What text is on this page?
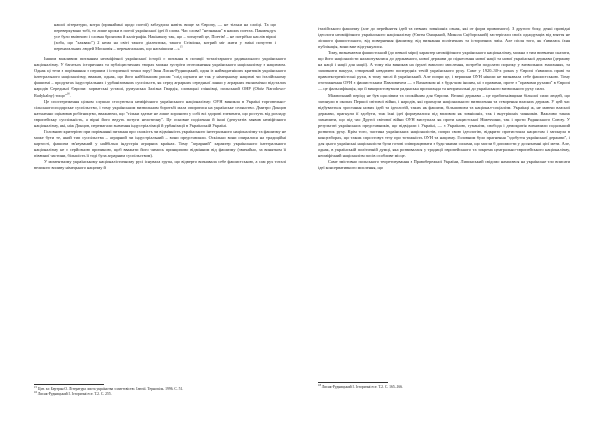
нашої літератури, котра (принаймні щодо поезії) заблудила навіть вище за Європу, — не тільки на слоїці. Та що переверкувано тобі, то лише кроки в поезії української ідеї й слова. Час слова! "незнання" в наших поетах. Панмендух усе було вміючою і словна бронзова й каліграфія. Накінвалу так, що – зогнутий це, Поетів! – не потрібно наслів вірші (хоба, що "хаквакс") 2 нема на світі такого діалектика, такого Стіміона, котрий міг жити у зміні почуттю і перенагальних людей Московія – перенагальних, що насмішили ...»$^{15}$

Іншим важливим питанням неоміфічної української історії є питання в позиції тоталітарного радикального українського націоналізму. У багатьох історичних та публіцистичних творах можна зустріти ототожнення українського націоналізму з нацизмом. Однак ці тези з порівняння з першим і історичної точки зору! Іван Лисяк-Рудницький, один із найвидатніших критиків українського інтегрального націоналізму, вважав, однак, що його найбільшим рисам "слід шукати не так у німецькому нацизмі чи італійському фашизмі – продуктах індустріальних і урбанізованих суспільств, як серед аграрних середньої ланки у аграрних економічно відсталих народів Середньої Європи: хорватські усташі, румунська Залізна Гвардія, словацькі глінківці, польський ОНР (Obóz Narodowo-Radykalny) тощо"$^{16}$.

Це спостереження цілком слушно стосуються неміфічного українського націоналізму: ОУН виникла в Україні торговельно-сільськогосподарське суспільство, і тому українським визвольним боротьбі мала опиратися на українське селянство. Дмитро Донцов натхненно оцінював робітництво, вважаючи, що "тільки здатне не лише хоронити у собі всі здорові елементи, що ростуть від розладу європейську суспільність, а вірні його ведуть потуги нелотичну". Це основне поділення й інші (депутатів заявив неміфічного націоналізму, які, ніж Донцов, перемагали значення індустріалізації й урбанізації в Українській Україні.

Головною критерією при порівнянні питання про схожість чи відмінність українського інтегрального націоналізму та фашизму не може бути те, який тип суспільства – аграрний чи індустріальний – вони представляли. Оскільки вони опиралися на традиційні картості, фашизм зв'язуваний у найбільш індустрія аграрних країнах. Тому "аграрний" характер українського інтегрального націоналізму не є серйозною причиною, щоб вважати його чимось принципово відмінним від фашизму (звичайно, за винятком її піввчної частини, більшість її тоді була аграрним суспільством).

У моментному українському націоналістичному русі існувала група, що відверто визнавала себе фашистською, а сам рух тоталі великого впливу німецького нацизму й

$^{15}$ Цит. за: Бертран О. Література листа українства з миттєвістю. Ілюзії. Тернопіль. 1996. С. 51.
$^{16}$ Лисяк-Рудницький І. Історичні есе. Т.2. С. 255.

італійського фашизму (але до перейняття ідей та певних зовнішніх ознак, які от форм приватного). З другого боку, деякі провідні ідеологи неоміфічного українського націоналізму (Євген Онацький, Микола Сціборський) застерігали своїх однодумців від взяття не ліпшого фашистського, від повернення фашизму, від визнання політичних та історичних змін. Але після того, як з'явилась їхня публікація, вони вже відгукнулися.

Тому, визначаючи фашистський (до певної міри) характер неоміфічного українського націоналізму, можна з тим впевнено сказати, що його націоналісти налаштувалися до державного, нової держави до піднесення нової нації та нової української держави (державу на нації і нації для нації). А тому він виникав на ґрунті вмилого мислення, потреби подолати поразку у визвольних змаганнях, та заповнити вакуум, створений невдачею попередніх течій українського руху. Саме у 1920–30-х роках у Європі з'явились праві та правоекстремістські рухи, в тому числі й український. Але попри це, і вершини ОУН ніколи не визнавала себе фашистською. Тому ототожнення ОУН з фашистським Павловичем — з Вахнюком ні з будь-ким іншим, ні з правими, проте з "правими рухами" в Європі — це фальсифікація, що її використовували радянська пропаганда та неприхильні до українського визвольного руху сили.

Міжвоєнний період не був щаслівим та спокійним для Європи. Великі держави – це прабатьківщини більшої сили людей, що загинули в окопах Першої світової війни, і народів, які прагнули національного визволення та створення власних держав. У цей час відбувається зростання нових ідей та ідеологій, таких як фашизм, більшовизм та націонал-соціалізм. Українці ж, не маючи власної держави, прагнули її здобути, тож їхні ідеї формувалися під впливом як зовнішніх, так і внутрішніх чинників. Важливо також зазначити, що під час Другої світової війни ОУН виступала як проти нацистської Німеччини, так і проти Радянського Союзу. У результаті українських представників, що відвідали і Україні, — з Україною, гуманізм, свобода і демократія визначили подальший розвиток руху. Крім того, частина українських націоналістів, попри свою ідеологію, відкрито протистояла нацистам і загинула в концтаборах, що також спростовує тезу про тотожність ОУН та нацизму. Головним було прагнення "здобуття української держави", і для цього українські націоналісти були готові співпрацювати з будь-якими силами, що могли б допомогти у досягненні цієї мети. Але, однак, в українській політичній думці, яка розвивалася у традиції європейського та зокрема центрально-європейського націоналізму, неоміфічний націоналізм посів особливе місце.

Саме змістовно польського теоретизування з Правобережної України, Липинський свідомо намагався на українське тло вписати ідеї консервативного мислення, що

$^{18}$ Лисяк-Рудницький І. Історичні есе. Т.2. С. 165–166.
